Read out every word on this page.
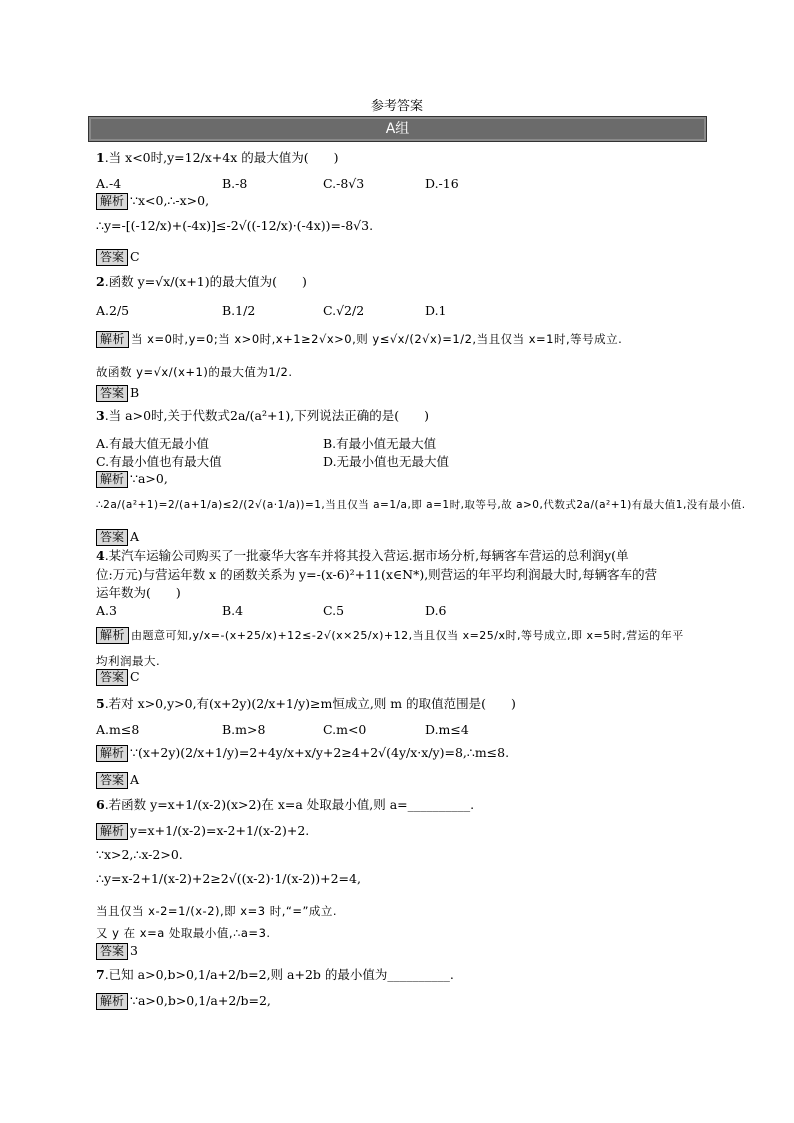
参考答案
A组
1.当 x<0时,y=12/x+4x 的最大值为(　　)
A.-4	B.-8	C.-8√3	D.-16
解析 ∵x<0,∴-x>0,
∴y=-[(-12/x)+(-4x)]≤-2√((-12/x)·(-4x))=-8√3.
答案 C
2.函数 y=√x/(x+1)的最大值为(　　)
A.2/5	B.1/2	C.√2/2	D.1
解析 当 x=0时,y=0;当 x>0时,x+1≥2√x>0,则 y≤√x/(2√x)=1/2,当且仅当 x=1时,等号成立.
故函数 y=√x/(x+1)的最大值为1/2.
答案 B
3.当 a>0时,关于代数式2a/(a²+1),下列说法正确的是(　　)
A.有最大值无最小值	B.有最小值无最大值
C.有最小值也有最大值	D.无最小值也无最大值
解析 ∵a>0,
∴2a/(a²+1)=2/(a+1/a)≤2/(2√(a·1/a))=1,当且仅当 a=1/a,即 a=1时,取等号,故 a>0,代数式2a/(a²+1)有最大值1,没有最小值.
答案 A
4.某汽车运输公司购买了一批豪华大客车并将其投入营运.据市场分析,每辆客车营运的总利润y(单
位:万元)与营运年数 x 的函数关系为 y=-(x-6)²+11(x∈N*),则营运的年平均利润最大时,每辆客车的营
运年数为(　　)
A.3	B.4	C.5	D.6
解析 由题意可知,y/x=-(x+25/x)+12≤-2√(x×25/x)+12,当且仅当 x=25/x时,等号成立,即 x=5时,营运的年平
均利润最大.
答案 C
5.若对 x>0,y>0,有(x+2y)(2/x+1/y)≥m恒成立,则 m 的取值范围是(　　)
A.m≤8	B.m>8	C.m<0	D.m≤4
解析 ∵(x+2y)(2/x+1/y)=2+4y/x+x/y+2≥4+2√(4y/x·x/y)=8,∴m≤8.
答案 A
6.若函数 y=x+1/(x-2)(x>2)在 x=a 处取最小值,则 a=__________.
解析 y=x+1/(x-2)=x-2+1/(x-2)+2.
∵x>2,∴x-2>0.
∴y=x-2+1/(x-2)+2≥2√((x-2)·1/(x-2))+2=4,
当且仅当 x-2=1/(x-2),即 x=3 时,“=”成立.
又 y 在 x=a 处取最小值,∴a=3.
答案 3
7.已知 a>0,b>0,1/a+2/b=2,则 a+2b 的最小值为__________.
解析 ∵a>0,b>0,1/a+2/b=2,
